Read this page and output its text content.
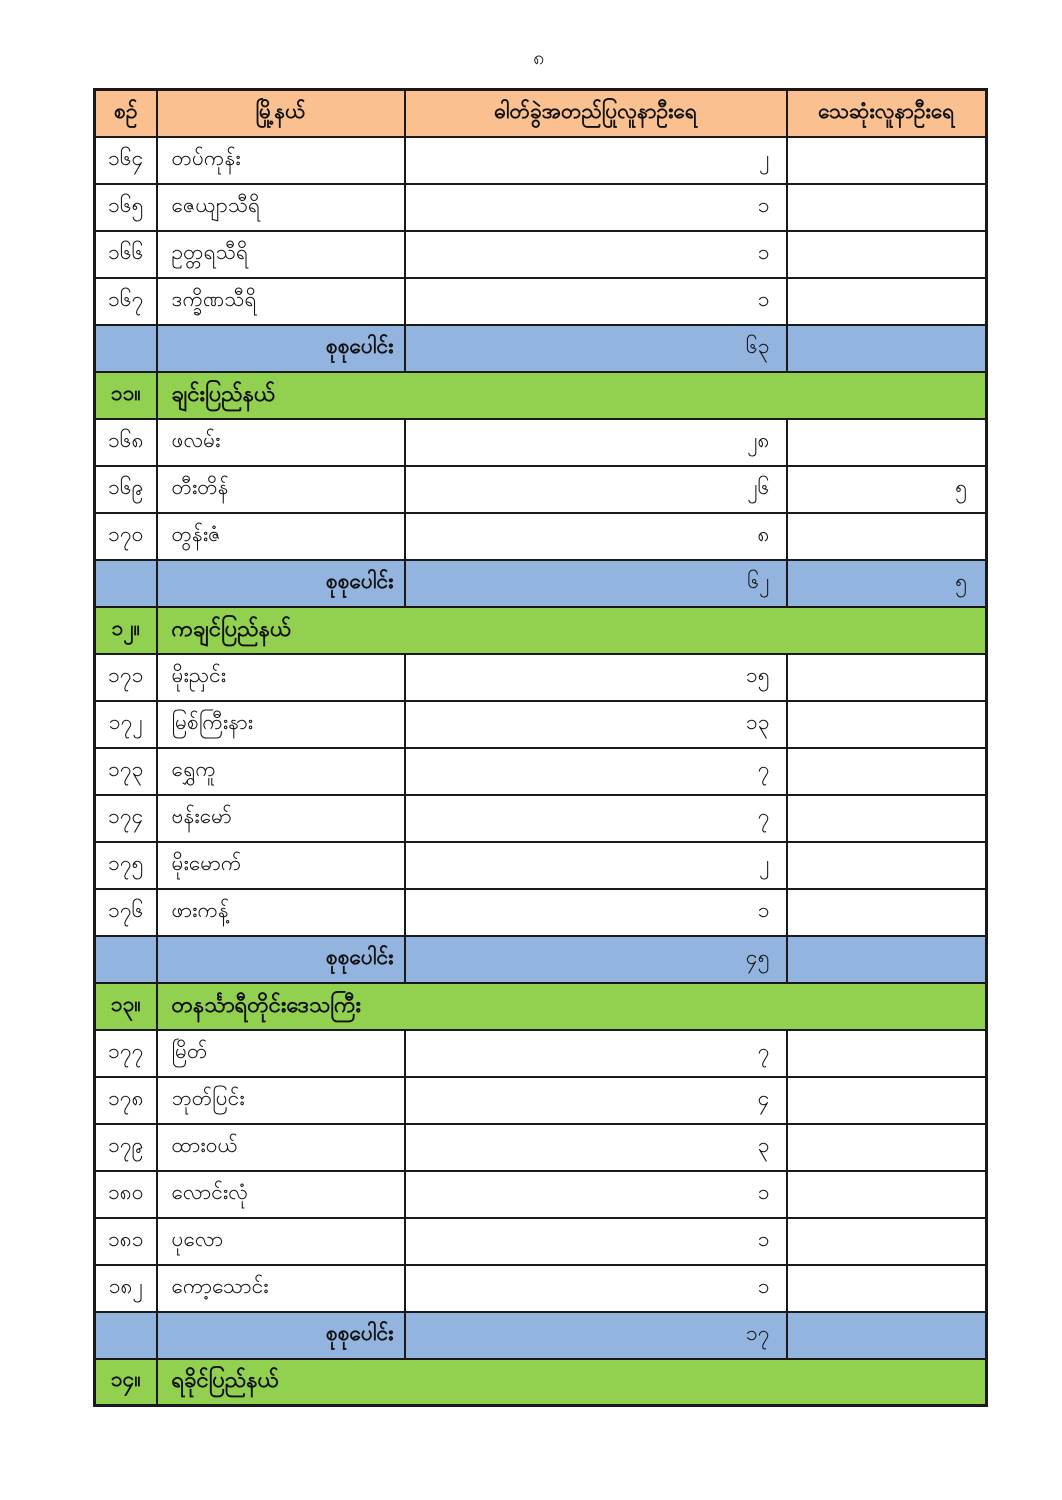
၈
စဉ်	မြို့နယ်	ဓါတ်ခွဲအတည်ပြုလူနာဦးရေ	သေဆုံးလူနာဦးရေ
၁၆၄	တပ်ကုန်း	၂	
၁၆၅	ဇေယျာသီရိ	၁	
၁၆၆	ဥတ္တရသီရိ	၁	
၁၆၇	ဒက္ခိဏသီရိ	၁	
	စုစုပေါင်း	၆၃	
၁၁။	ချင်းပြည်နယ်		
၁၆၈	ဖလမ်း	၂၈	
၁၆၉	တီးတိန်	၂၆	၅
၁၇၀	တွန်းဇံ	၈	
	စုစုပေါင်း	၆၂	၅
၁၂။	ကချင်ပြည်နယ်		
၁၇၁	မိုးညှင်း	၁၅	
၁၇၂	မြစ်ကြီးနား	၁၃	
၁၇၃	ရွှေကူ	၇	
၁၇၄	ဗန်းမော်	၇	
၁၇၅	မိုးမောက်	၂	
၁၇၆	ဖားကန့်	၁	
	စုစုပေါင်း	၄၅	
၁၃။	တနင်္သာရီတိုင်းဒေသကြီး		
၁၇၇	မြိတ်	၇	
၁၇၈	ဘုတ်ပြင်း	၄	
၁၇၉	ထားဝယ်	၃	
၁၈၀	လောင်းလုံ	၁	
၁၈၁	ပုလော	၁	
၁၈၂	ကော့သောင်း	၁	
	စုစုပေါင်း	၁၇	
၁၄။	ရခိုင်ပြည်နယ်		
